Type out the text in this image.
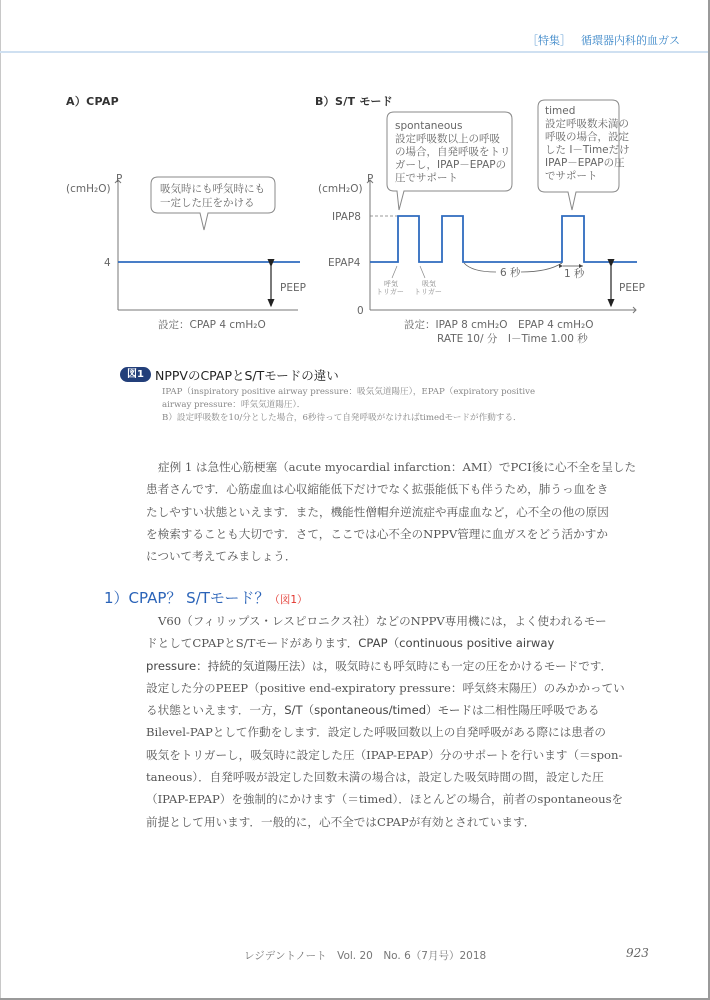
［特集］ 循環器内科的血ガス
A）CPAP	B）S/T モード
P
(cmH₂O)
4
吸気時にも呼気時にも
一定した圧をかける
PEEP
設定：CPAP 4 cmH₂O
P
(cmH₂O)
IPAP8
EPAP4
0
呼気
トリガー
吸気
トリガー
6 秒	1 秒
PEEP
spontaneous
設定呼吸数以上の呼吸
の場合，自発呼吸をトリ
ガーし，IPAP－EPAPの
圧でサポート
timed
設定呼吸数未満の
呼吸の場合，設定
した I－Timeだけ
IPAP－EPAPの圧
でサポート
設定：IPAP 8 cmH₂O　EPAP 4 cmH₂O
RATE 10/ 分　I－Time 1.00 秒
図1 NPPVのCPAPとS/Tモードの違い
IPAP（inspiratory positive airway pressure：吸気気道陽圧），EPAP（expiratory positive
airway pressure：呼気気道陽圧）．
B）設定呼吸数を10/分とした場合，6秒待って自発呼吸がなければtimedモードが作動する．
症例 1 は急性心筋梗塞（acute myocardial infarction：AMI）でPCI後に心不全を呈した
患者さんです．心筋虚血は心収縮能低下だけでなく拡張能低下も伴うため，肺うっ血をき
たしやすい状態といえます．また，機能性僧帽弁逆流症や再虚血など，心不全の他の原因
を検索することも大切です．さて，ここでは心不全のNPPV管理に血ガスをどう活かすか
について考えてみましょう．
1）CPAP？ S/Tモード？（図1）
V60（フィリップス・レスピロニクス社）などのNPPV専用機には，よく使われるモー
ドとしてCPAPとS/Tモードがあります．CPAP（continuous positive airway
pressure：持続的気道陽圧法）は，吸気時にも呼気時にも一定の圧をかけるモードです．
設定した分のPEEP（positive end-expiratory pressure：呼気終末陽圧）のみかかってい
る状態といえます．一方，S/T（spontaneous/timed）モードは二相性陽圧呼吸である
Bilevel-PAPとして作動をします．設定した呼吸回数以上の自発呼吸がある際には患者の
吸気をトリガーし，吸気時に設定した圧（IPAP-EPAP）分のサポートを行います（＝spon-
taneous）．自発呼吸が設定した回数未満の場合は，設定した吸気時間の間，設定した圧
（IPAP-EPAP）を強制的にかけます（＝timed）．ほとんどの場合，前者のspontaneousを
前提として用います．一般的に，心不全ではCPAPが有効とされています．
レジデントノート　Vol. 20　No. 6（7月号）2018	923
